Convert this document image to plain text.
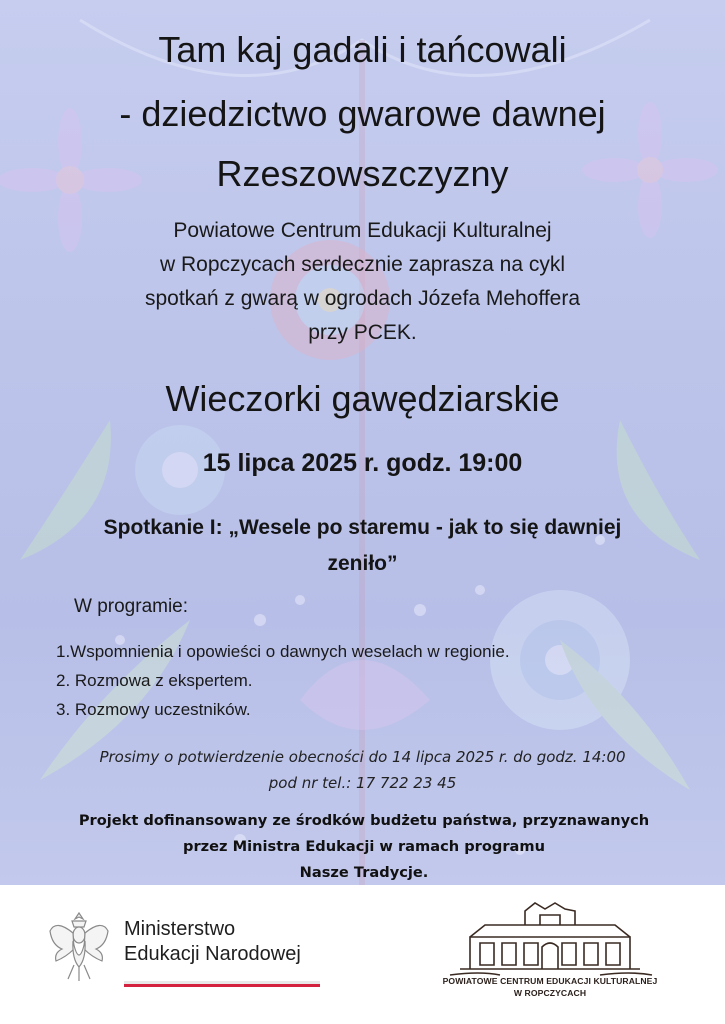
Tam kaj gadali i tańcowali
- dziedzictwo gwarowe dawnej
Rzeszowszczyzny
Powiatowe Centrum Edukacji Kulturalnej
w Ropczycach serdecznie zaprasza na cykl
spotkań z gwarą w ogrodach Józefa Mehoffera
przy PCEK.
Wieczorki gawędziarskie
15 lipca 2025 r. godz. 19:00
Spotkanie I: „Wesele po staremu - jak to się dawniej
zeniło”
W programie:
1.Wspomnienia i opowieści o dawnych weselach w regionie.
2. Rozmowa z ekspertem.
3. Rozmowy uczestników.
Prosimy o potwierdzenie obecności do 14 lipca 2025 r. do godz. 14:00
pod nr tel.: 17 722 23 45
Projekt dofinansowany ze środków budżetu państwa, przyznawanych
przez Ministra Edukacji w ramach programu
Nasze Tradycje.
Ministerstwo
Edukacji Narodowej
POWIATOWE CENTRUM EDUKACJI KULTURALNEJ
W ROPCZYCACH
